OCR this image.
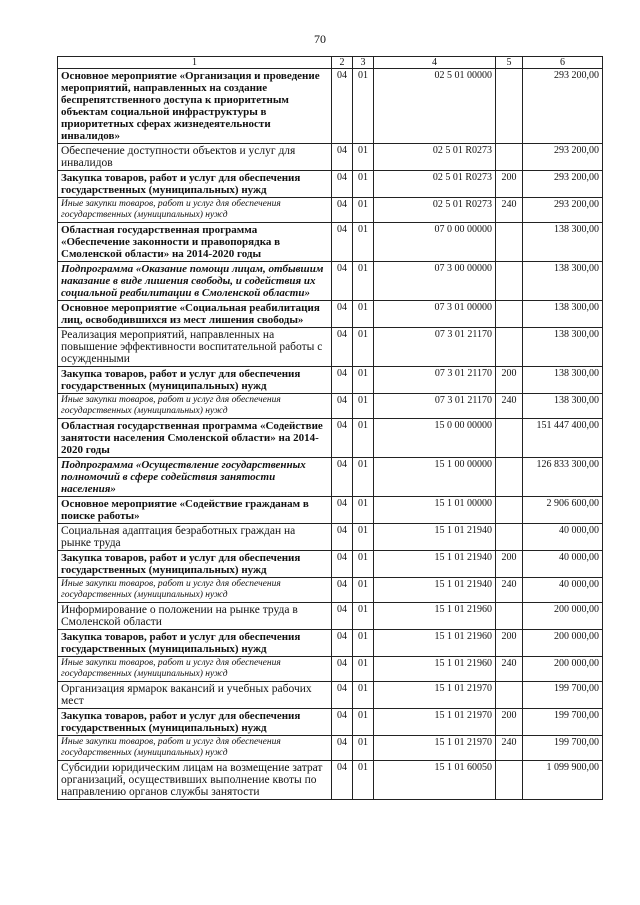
70
1	2	3	4	5	6
Основное мероприятие «Организация и проведение мероприятий, направленных на создание беспрепятственного доступа к приоритетным объектам социальной инфраструктуры в приоритетных сферах жизнедеятельности инвалидов»	04	01	02 5 01 00000		293 200,00
Обеспечение доступности объектов и услуг для инвалидов	04	01	02 5 01 R0273		293 200,00
Закупка товаров, работ и услуг для обеспечения государственных (муниципальных) нужд	04	01	02 5 01 R0273	200	293 200,00
Иные закупки товаров, работ и услуг для обеспечения государственных (муниципальных) нужд	04	01	02 5 01 R0273	240	293 200,00
Областная государственная программа «Обеспечение законности и правопорядка в Смоленской области» на 2014-2020 годы	04	01	07 0 00 00000		138 300,00
Подпрограмма «Оказание помощи лицам, отбывшим наказание в виде лишения свободы, и содействия их социальной реабилитации в Смоленской области»	04	01	07 3 00 00000		138 300,00
Основное мероприятие «Социальная реабилитация лиц, освободившихся из мест лишения свободы»	04	01	07 3 01 00000		138 300,00
Реализация мероприятий, направленных на повышение эффективности воспитательной работы с осужденными	04	01	07 3 01 21170		138 300,00
Закупка товаров, работ и услуг для обеспечения государственных (муниципальных) нужд	04	01	07 3 01 21170	200	138 300,00
Иные закупки товаров, работ и услуг для обеспечения государственных (муниципальных) нужд	04	01	07 3 01 21170	240	138 300,00
Областная государственная программа «Содействие занятости населения Смоленской области» на 2014-2020 годы	04	01	15 0 00 00000		151 447 400,00
Подпрограмма «Осуществление государственных полномочий в сфере содействия занятости населения»	04	01	15 1 00 00000		126 833 300,00
Основное мероприятие «Содействие гражданам в поиске работы»	04	01	15 1 01 00000		2 906 600,00
Социальная адаптация безработных граждан на рынке труда	04	01	15 1 01 21940		40 000,00
Закупка товаров, работ и услуг для обеспечения государственных (муниципальных) нужд	04	01	15 1 01 21940	200	40 000,00
Иные закупки товаров, работ и услуг для обеспечения государственных (муниципальных) нужд	04	01	15 1 01 21940	240	40 000,00
Информирование о положении на рынке труда в Смоленской области	04	01	15 1 01 21960		200 000,00
Закупка товаров, работ и услуг для обеспечения государственных (муниципальных) нужд	04	01	15 1 01 21960	200	200 000,00
Иные закупки товаров, работ и услуг для обеспечения государственных (муниципальных) нужд	04	01	15 1 01 21960	240	200 000,00
Организация ярмарок вакансий и учебных рабочих мест	04	01	15 1 01 21970		199 700,00
Закупка товаров, работ и услуг для обеспечения государственных (муниципальных) нужд	04	01	15 1 01 21970	200	199 700,00
Иные закупки товаров, работ и услуг для обеспечения государственных (муниципальных) нужд	04	01	15 1 01 21970	240	199 700,00
Субсидии юридическим лицам на возмещение затрат организаций, осуществивших выполнение квоты по направлению органов службы занятости	04	01	15 1 01 60050		1 099 900,00
